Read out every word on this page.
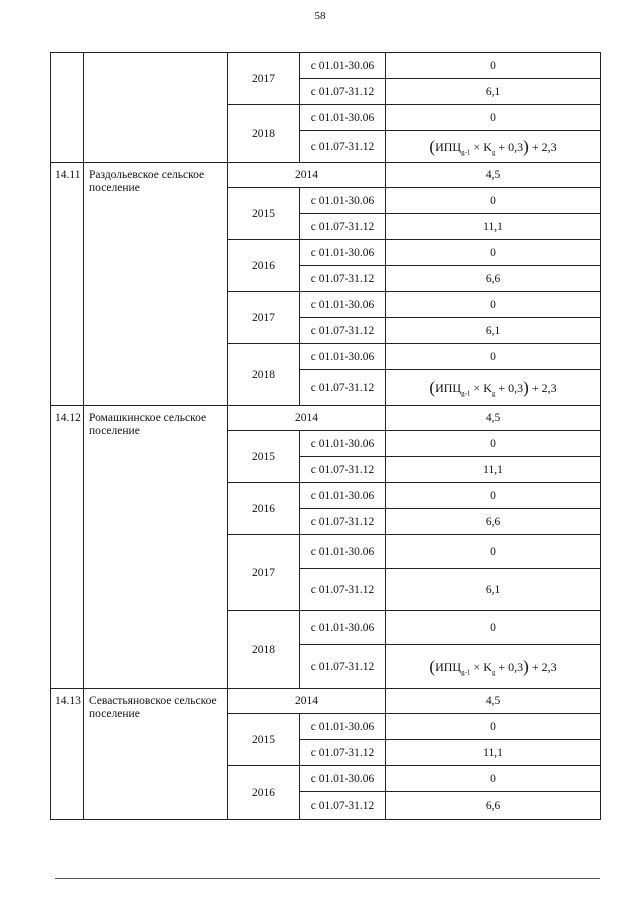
58
		2017	с 01.01-30.06	0
			с 01.07-31.12	6,1
		2018	с 01.01-30.06	0
			с 01.07-31.12	$(ИПЦ_{g-1} \times K_g + 0,3) + 2,3$
14.11	Раздольевское сельское поселение	2014		4,5
		2015	с 01.01-30.06	0
			с 01.07-31.12	11,1
		2016	с 01.01-30.06	0
			с 01.07-31.12	6,6
		2017	с 01.01-30.06	0
			с 01.07-31.12	6,1
		2018	с 01.01-30.06	0
			с 01.07-31.12	$(ИПЦ_{g-1} \times K_g + 0,3) + 2,3$
14.12	Ромашкинское сельское поселение	2014		4,5
		2015	с 01.01-30.06	0
			с 01.07-31.12	11,1
		2016	с 01.01-30.06	0
			с 01.07-31.12	6,6
		2017	с 01.01-30.06	0
			с 01.07-31.12	6,1
		2018	с 01.01-30.06	0
			с 01.07-31.12	$(ИПЦ_{g-1} \times K_g + 0,3) + 2,3$
14.13	Севастьяновское сельское поселение	2014		4,5
		2015	с 01.01-30.06	0
			с 01.07-31.12	11,1
		2016	с 01.01-30.06	0
			с 01.07-31.12	6,6
